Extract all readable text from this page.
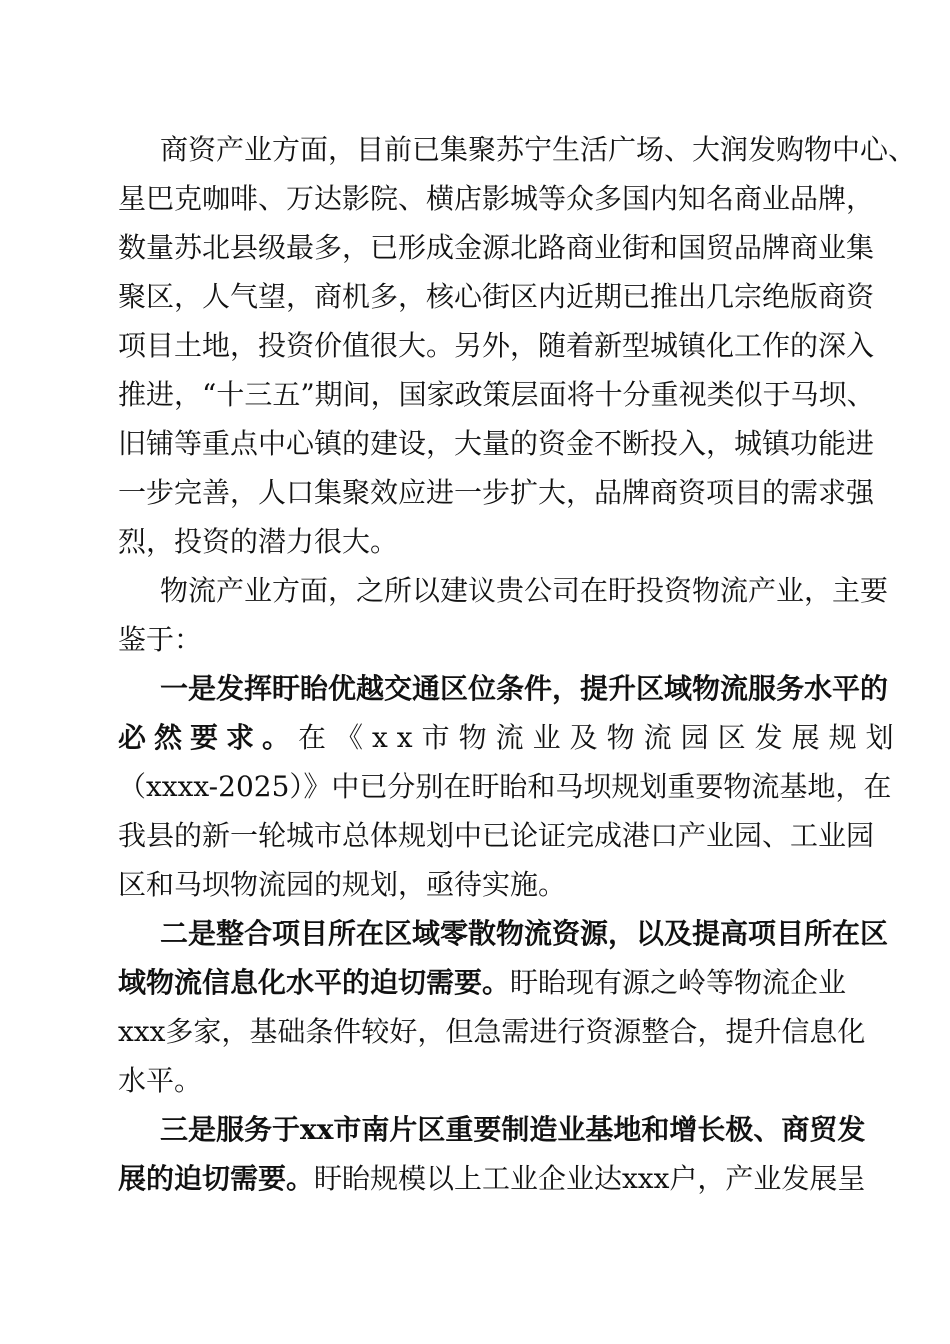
商资产业方面，目前已集聚苏宁生活广场、大润发购物中心、
星巴克咖啡、万达影院、横店影城等众多国内知名商业品牌，
数量苏北县级最多，已形成金源北路商业街和国贸品牌商业集
聚区，人气望，商机多，核心街区内近期已推出几宗绝版商资
项目土地，投资价值很大。另外，随着新型城镇化工作的深入
推进，“十三五”期间，国家政策层面将十分重视类似于马坝、
旧铺等重点中心镇的建设，大量的资金不断投入，城镇功能进
一步完善，人口集聚效应进一步扩大，品牌商资项目的需求强
烈，投资的潜力很大。
物流产业方面，之所以建议贵公司在盱投资物流产业，主要
鉴于：
一是发挥盱眙优越交通区位条件，提升区域物流服务水平的
必然要求。在《xx市物流业及物流园区发展规划
（xxxx-2025）》中已分别在盱眙和马坝规划重要物流基地，在
我县的新一轮城市总体规划中已论证完成港口产业园、工业园
区和马坝物流园的规划，亟待实施。
二是整合项目所在区域零散物流资源，以及提高项目所在区
域物流信息化水平的迫切需要。盱眙现有源之岭等物流企业
xxx多家，基础条件较好，但急需进行资源整合，提升信息化
水平。
三是服务于xx市南片区重要制造业基地和增长极、商贸发
展的迫切需要。盱眙规模以上工业企业达xxx户，产业发展呈
